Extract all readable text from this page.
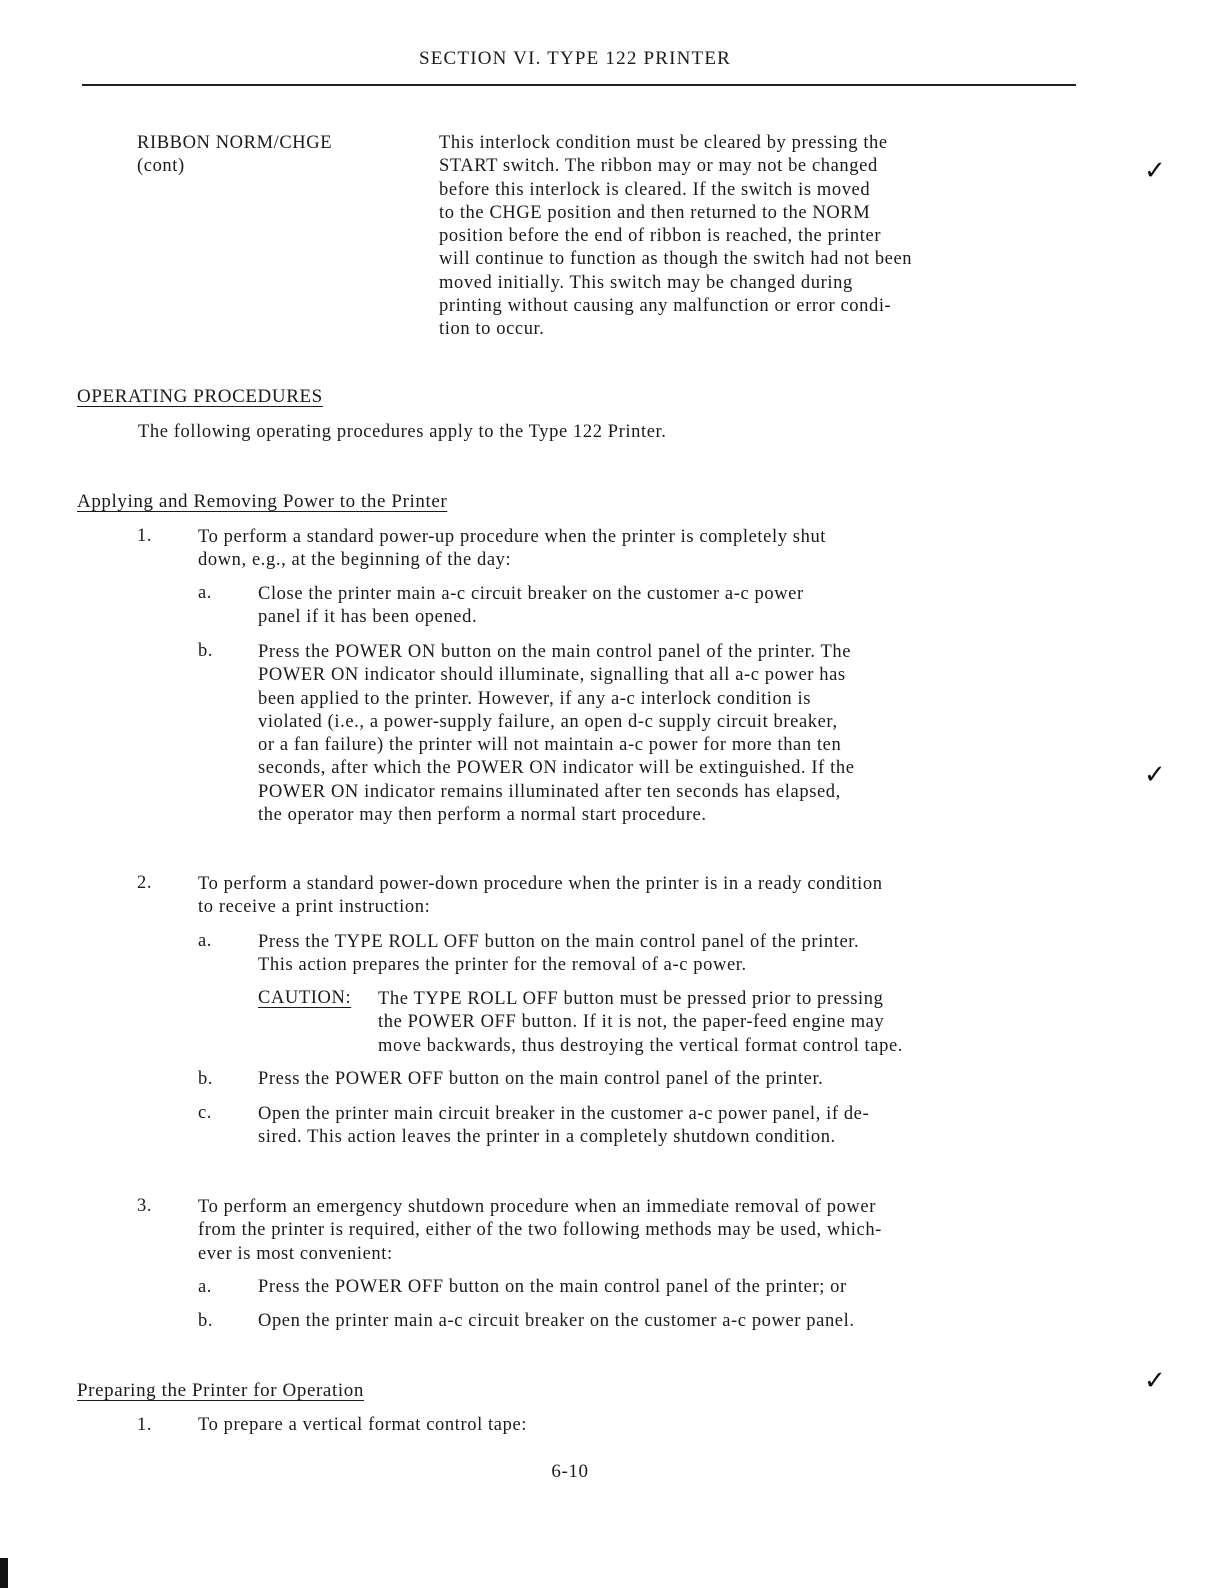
SECTION VI. TYPE 122 PRINTER
RIBBON NORM/CHGE
(cont)
This interlock condition must be cleared by pressing the
START switch. The ribbon may or may not be changed
before this interlock is cleared. If the switch is moved
to the CHGE position and then returned to the NORM
position before the end of ribbon is reached, the printer
will continue to function as though the switch had not been
moved initially. This switch may be changed during
printing without causing any malfunction or error condi-
tion to occur.
OPERATING PROCEDURES
The following operating procedures apply to the Type 122 Printer.
Applying and Removing Power to the Printer
1. To perform a standard power-up procedure when the printer is completely shut
down, e.g., at the beginning of the day:
a. Close the printer main a-c circuit breaker on the customer a-c power
panel if it has been opened.
b. Press the POWER ON button on the main control panel of the printer. The
POWER ON indicator should illuminate, signalling that all a-c power has
been applied to the printer. However, if any a-c interlock condition is
violated (i.e., a power-supply failure, an open d-c supply circuit breaker,
or a fan failure) the printer will not maintain a-c power for more than ten
seconds, after which the POWER ON indicator will be extinguished. If the
POWER ON indicator remains illuminated after ten seconds has elapsed,
the operator may then perform a normal start procedure.
2. To perform a standard power-down procedure when the printer is in a ready condition
to receive a print instruction:
a. Press the TYPE ROLL OFF button on the main control panel of the printer.
This action prepares the printer for the removal of a-c power.
CAUTION: The TYPE ROLL OFF button must be pressed prior to pressing
the POWER OFF button. If it is not, the paper-feed engine may
move backwards, thus destroying the vertical format control tape.
b. Press the POWER OFF button on the main control panel of the printer.
c. Open the printer main circuit breaker in the customer a-c power panel, if de-
sired. This action leaves the printer in a completely shutdown condition.
3. To perform an emergency shutdown procedure when an immediate removal of power
from the printer is required, either of the two following methods may be used, which-
ever is most convenient:
a. Press the POWER OFF button on the main control panel of the printer; or
b. Open the printer main a-c circuit breaker on the customer a-c power panel.
Preparing the Printer for Operation
1. To prepare a vertical format control tape:
6-10
✓
✓
✓
